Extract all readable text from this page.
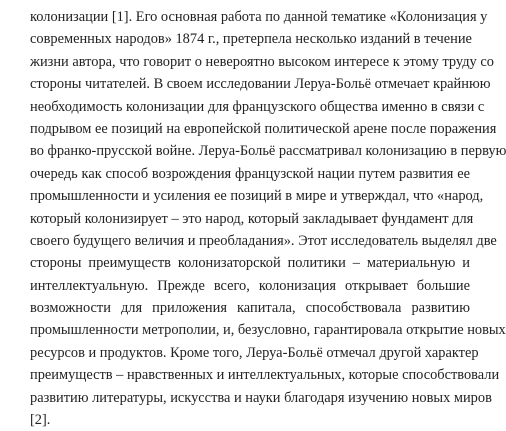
колонизации [1]. Его основная работа по данной тематике «Колонизация у
современных народов» 1874 г., претерпела несколько изданий в течение
жизни автора, что говорит о невероятно высоком интересе к этому труду со
стороны читателей. В своем исследовании Леруа-Больё отмечает крайнюю
необходимость колонизации для французского общества именно в связи с
подрывом ее позиций на европейской политической арене после поражения
во франко-прусской войне. Леруа-Больё рассматривал колонизацию в первую
очередь как способ возрождения французской нации путем развития ее
промышленности и усиления ее позиций в мире и утверждал, что «народ,
который колонизирует – это народ, который закладывает фундамент для
своего будущего величия и преобладания». Этот исследователь выделял две
стороны преимуществ колонизаторской политики – материальную и
интеллектуальную. Прежде всего, колонизация открывает большие
возможности для приложения капитала, способствовала развитию
промышленности метрополии, и, безусловно, гарантировала открытие новых
ресурсов и продуктов. Кроме того, Леруа-Больё отмечал другой характер
преимуществ – нравственных и интеллектуальных, которые способствовали
развитию литературы, искусства и науки благодаря изучению новых миров
[2].
